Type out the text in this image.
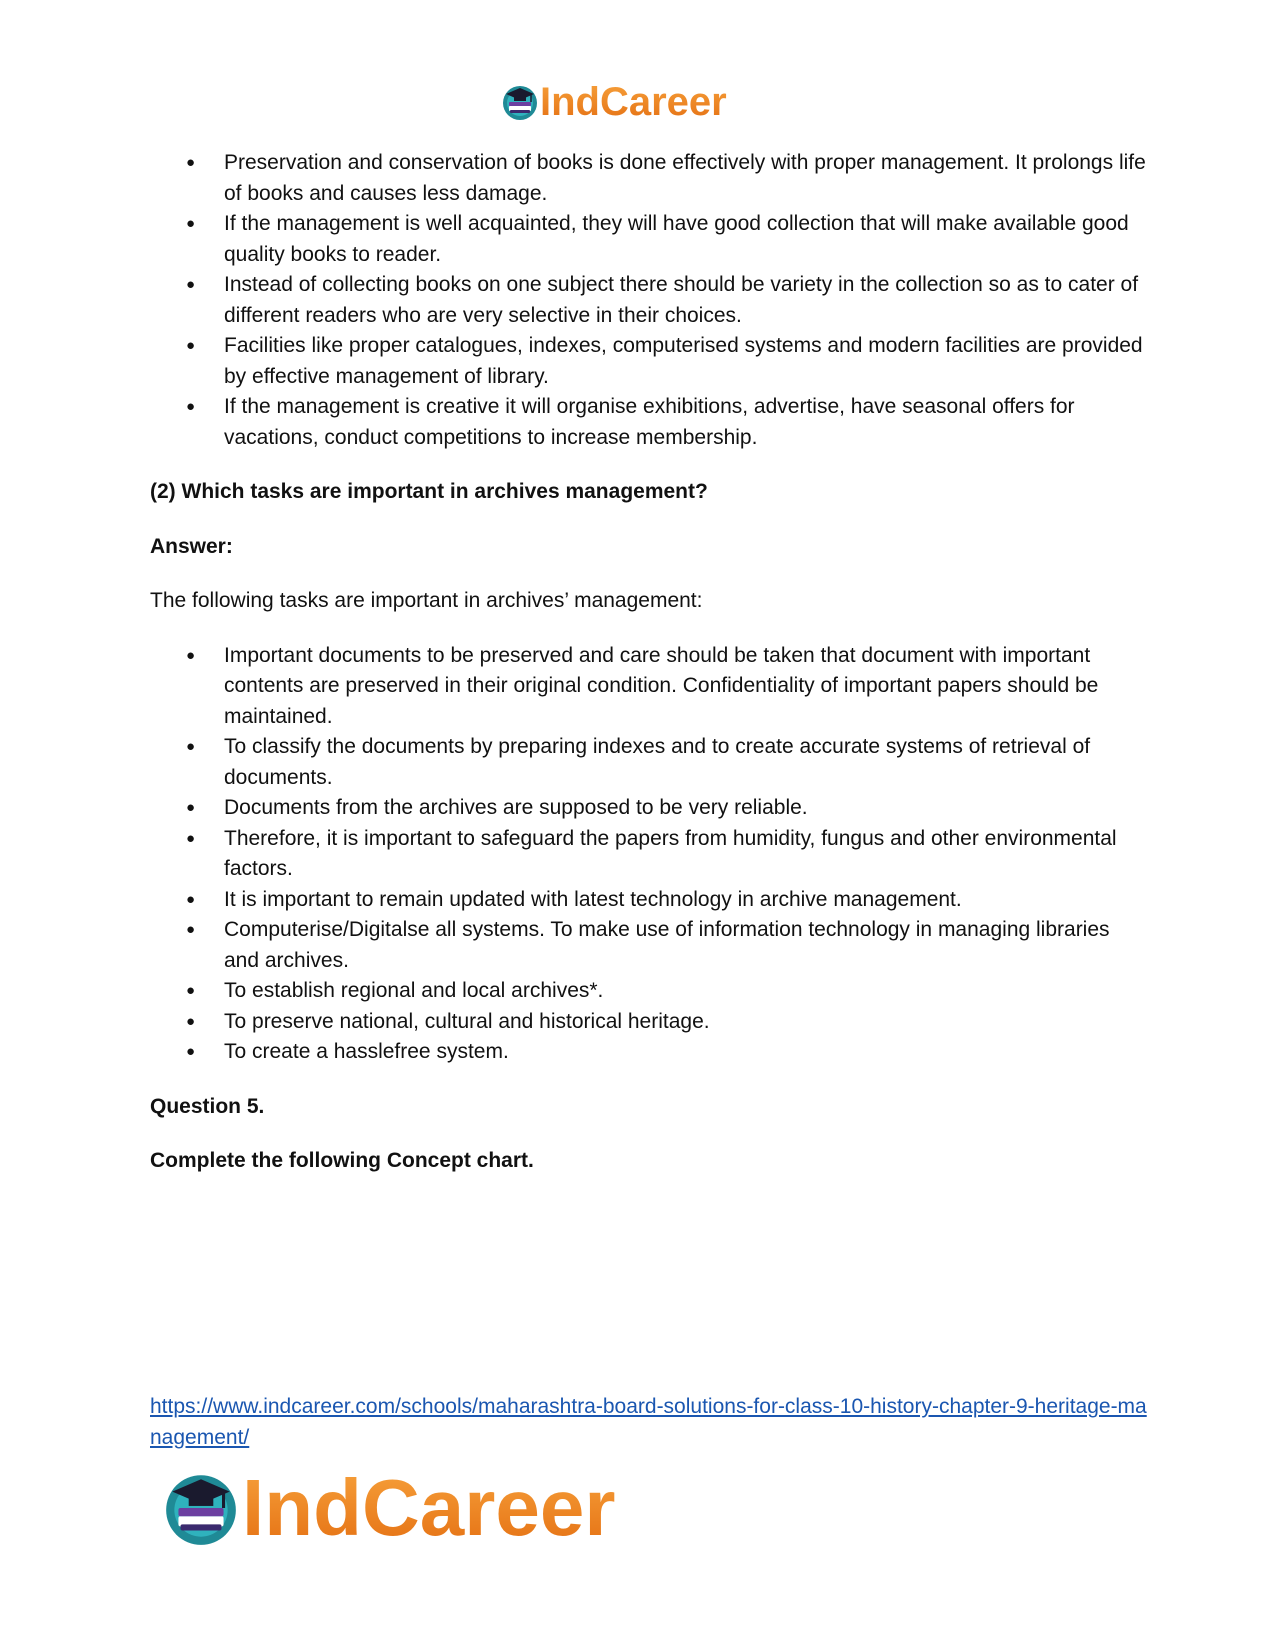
IndCareer
● Preservation and conservation of books is done effectively with proper management. It prolongs life of books and causes less damage.
● If the management is well acquainted, they will have good collection that will make available good quality books to reader.
● Instead of collecting books on one subject there should be variety in the collection so as to cater of different readers who are very selective in their choices.
● Facilities like proper catalogues, indexes, computerised systems and modern facilities are provided by effective management of library.
● If the management is creative it will organise exhibitions, advertise, have seasonal offers for vacations, conduct competitions to increase membership.

(2) Which tasks are important in archives management?

Answer:

The following tasks are important in archives’ management:

● Important documents to be preserved and care should be taken that document with important contents are preserved in their original condition. Confidentiality of important papers should be maintained.
● To classify the documents by preparing indexes and to create accurate systems of retrieval of documents.
● Documents from the archives are supposed to be very reliable.
● Therefore, it is important to safeguard the papers from humidity, fungus and other environmental factors.
● It is important to remain updated with latest technology in archive management.
● Computerise/Digitalse all systems. To make use of information technology in managing libraries and archives.
● To establish regional and local archives*.
● To preserve national, cultural and historical heritage.
● To create a hasslefree system.

Question 5.

Complete the following Concept chart.

https://www.indcareer.com/schools/maharashtra-board-solutions-for-class-10-history-chapter-9-heritage-management/
IndCareer
